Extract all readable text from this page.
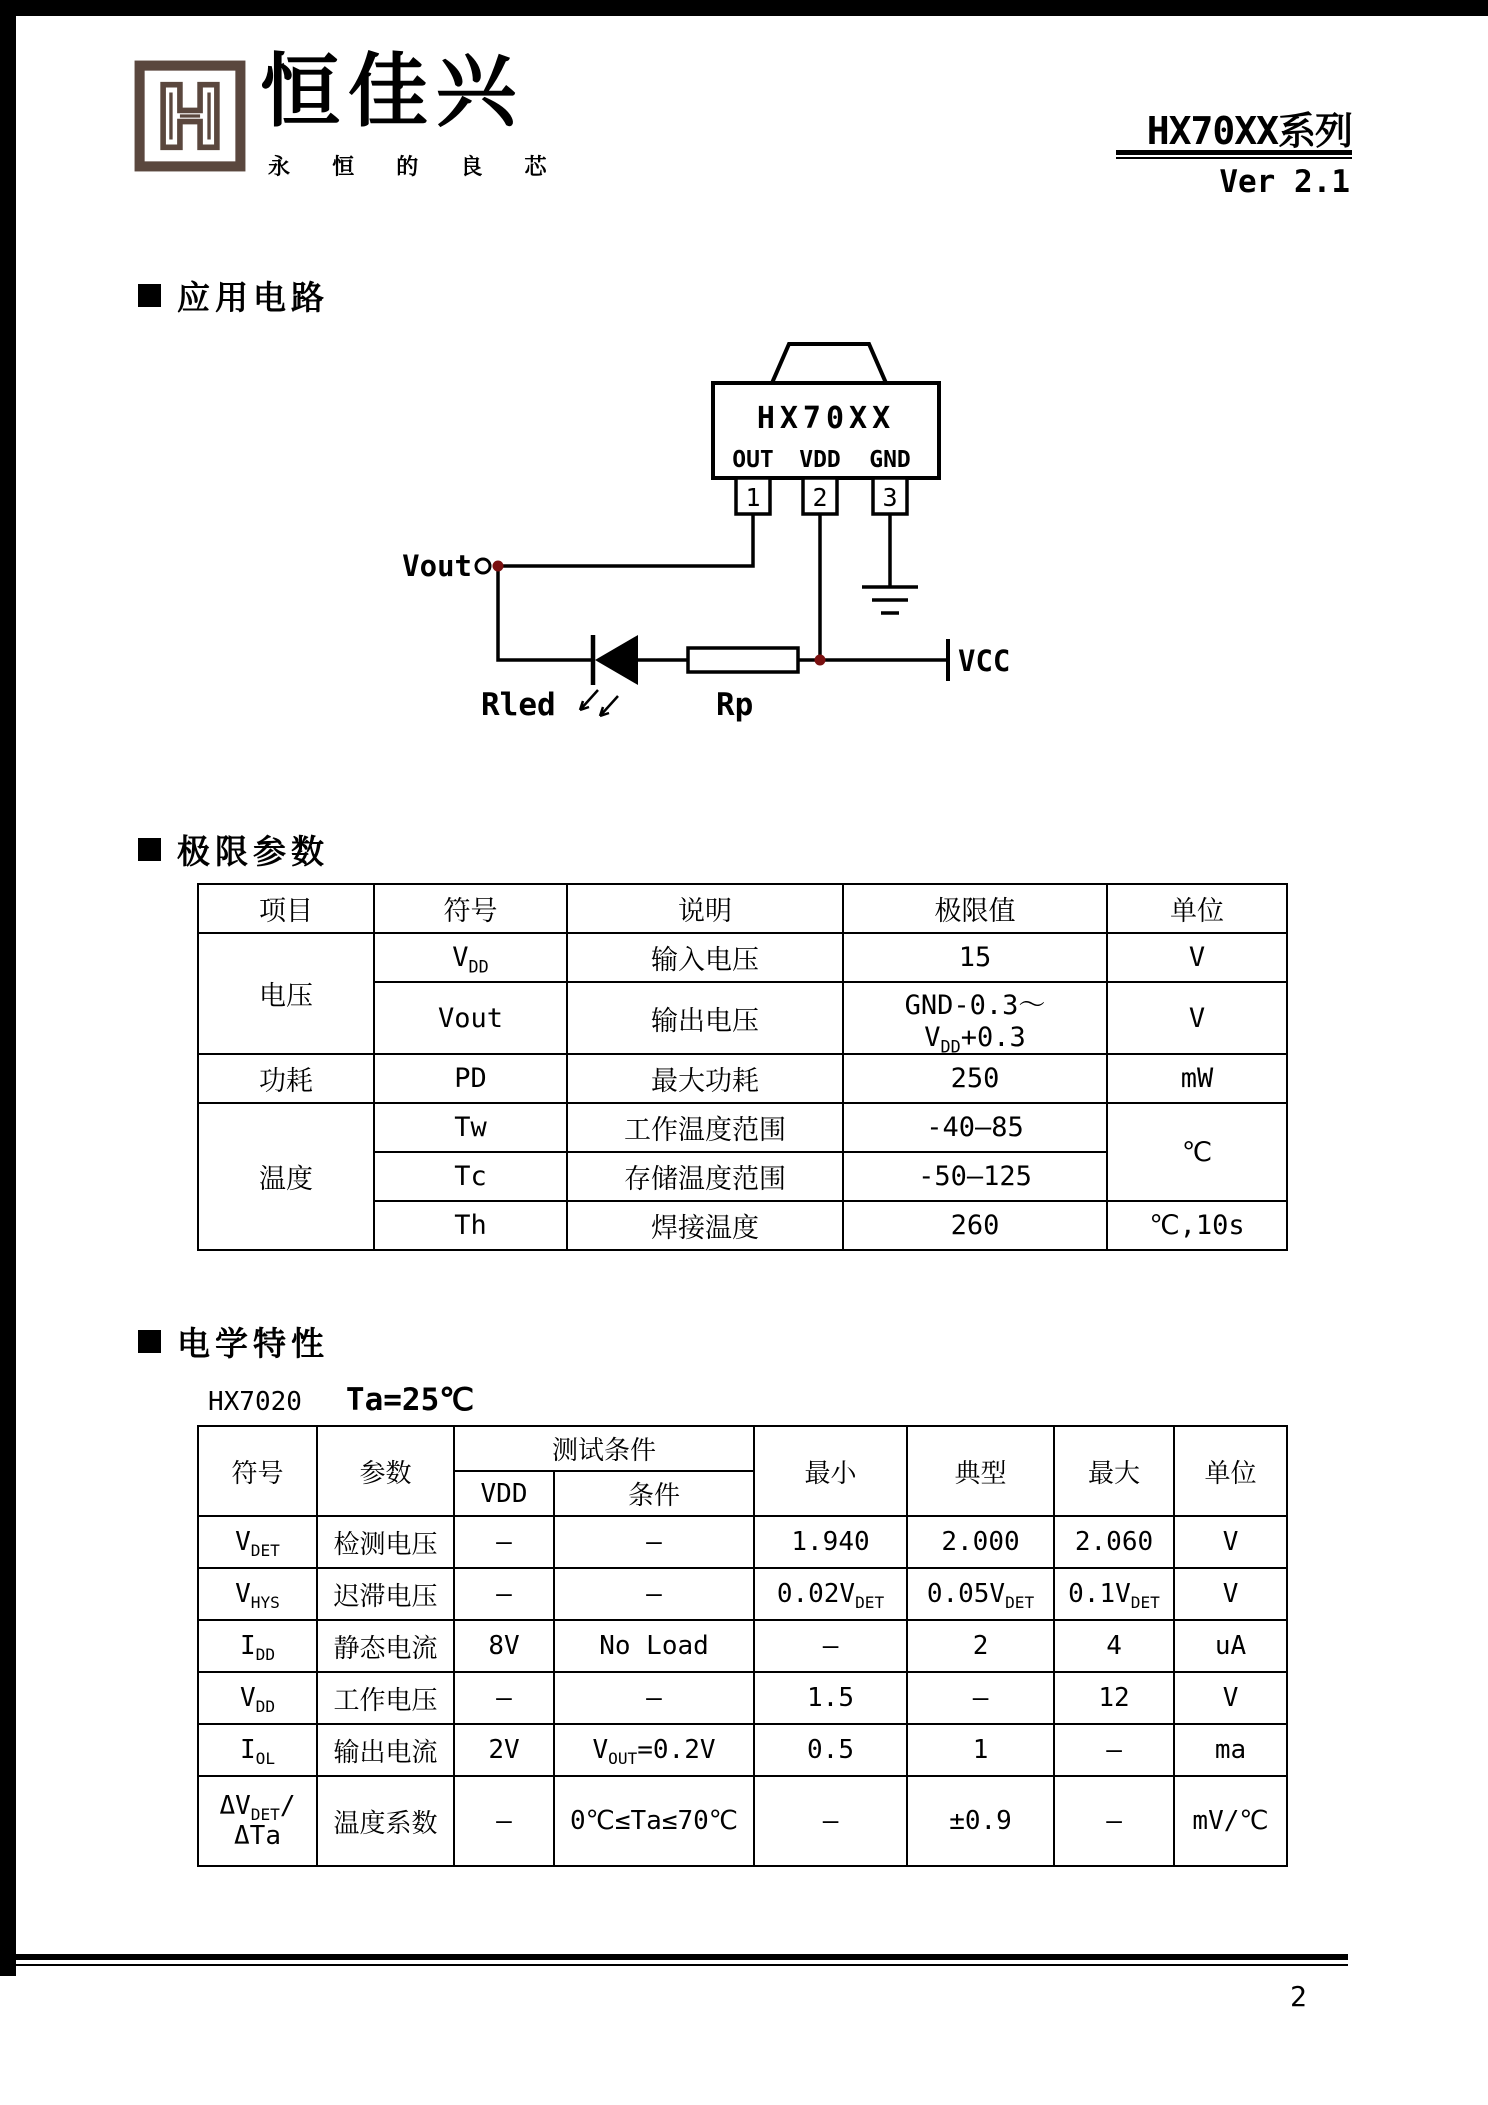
恒佳兴
永 恒 的 良 芯
HX70XX系列
Ver 2.1
应用电路
HX70XX
OUT VDD GND
1 2 3
VCC
Vout
Rled	Rp
极限参数
项目	符号	说明	极限值	单位
电压	$V_{DD}$	输入电压	15	V
	Vout	输出电压	GND-0.3～ $V_{DD}+0.3$	V
功耗	PD	最大功耗	250	mW
温度	Tw	工作温度范围	-40—85	℃
	Tc	存储温度范围	-50—125	
	Th	焊接温度	260	℃,10s
电学特性
HX7020 Ta=25℃
符号	参数	测试条件		最小	典型	最大	单位
		VDD	条件				
$V_{DET}$	检测电压	—	—	1.940	2.000	2.060	V
$V_{HYS}$	迟滞电压	—	—	$0.02V_{DET}$	$0.05V_{DET}$	$0.1V_{DET}$	V
$I_{DD}$	静态电流	8V	No Load	—	2	4	uA
$V_{DD}$	工作电压	—	—	1.5	—	12	V
$I_{OL}$	输出电流	2V	$V_{OUT}=0.2V$	0.5	1	—	ma
$\Delta V_{DET}/$
ΔTa	温度系数	—	0℃≤Ta≤70℃	—	±0.9	—	mV/℃
2
